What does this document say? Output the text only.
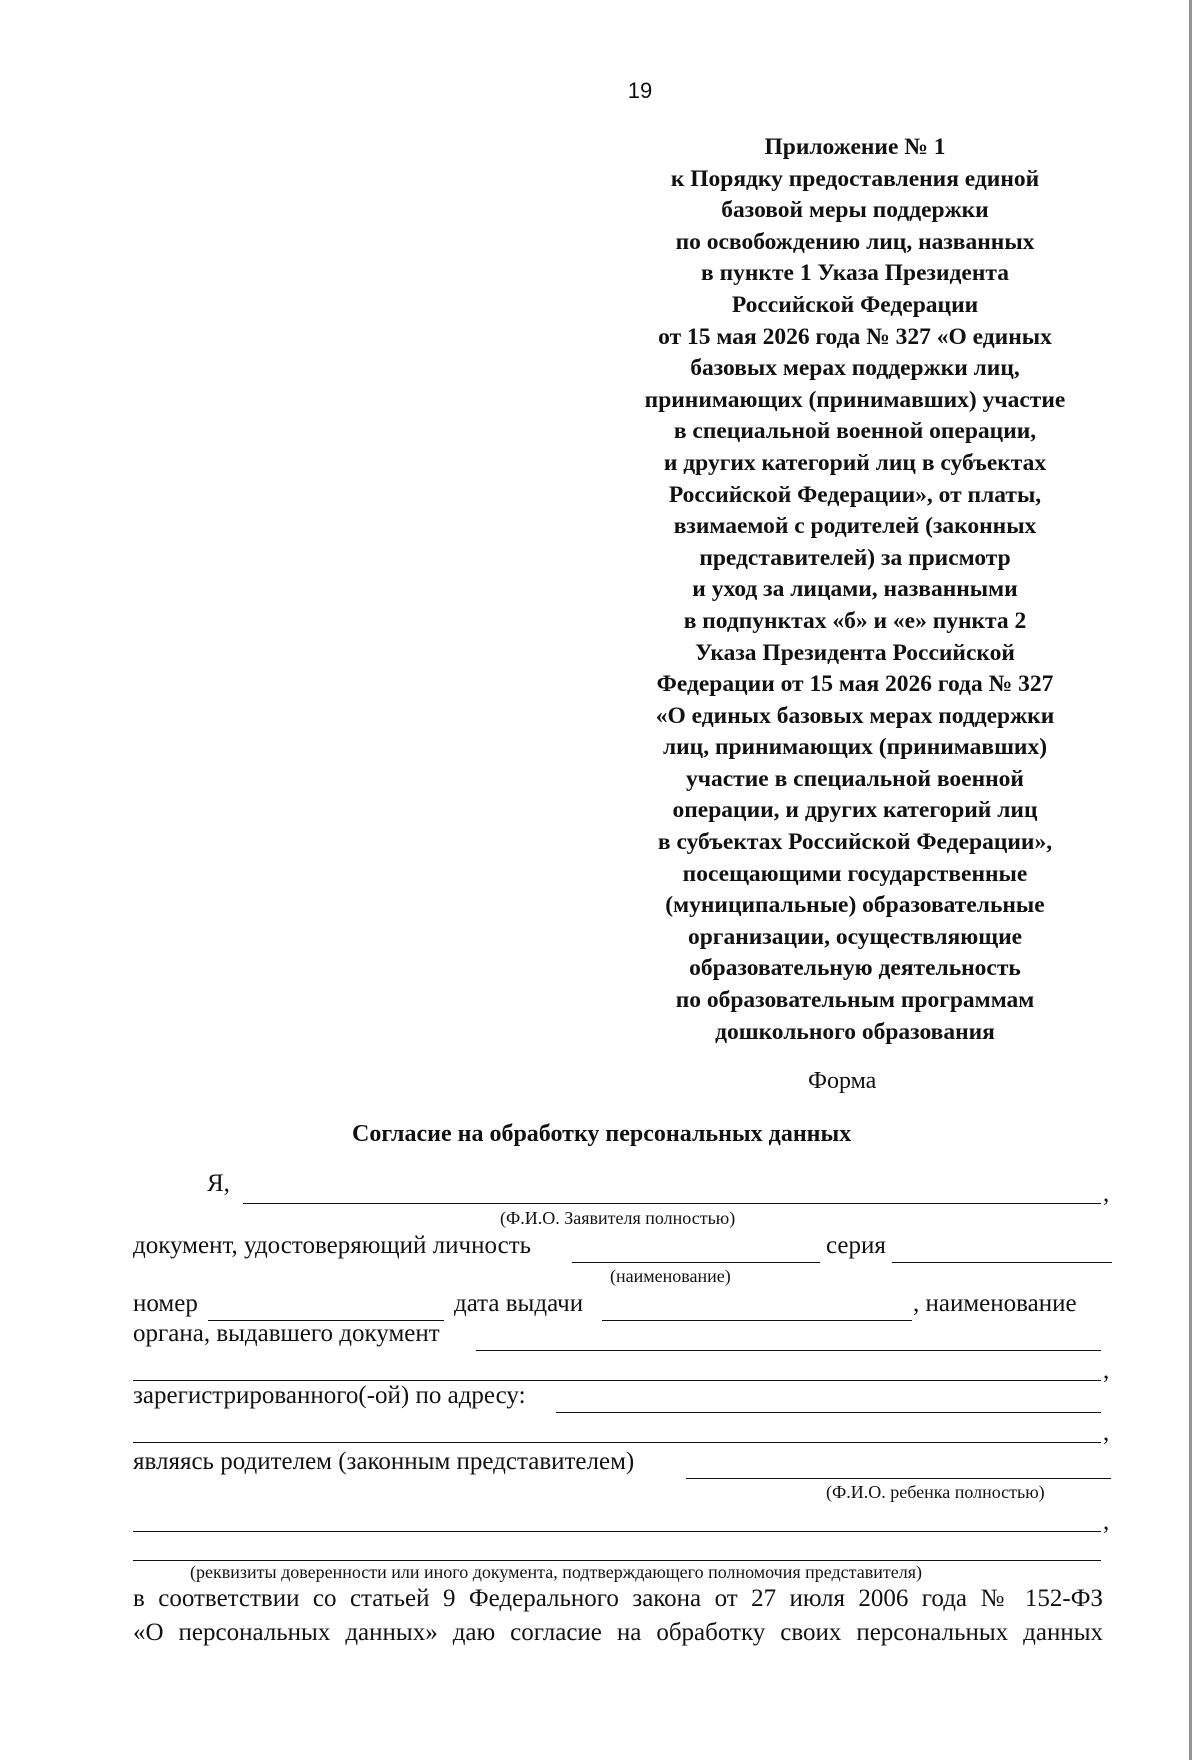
19
Приложение № 1
к Порядку предоставления единой
базовой меры поддержки
по освобождению лиц, названных
в пункте 1 Указа Президента
Российской Федерации
от 15 мая 2026 года № 327 «О единых
базовых мерах поддержки лиц,
принимающих (принимавших) участие
в специальной военной операции,
и других категорий лиц в субъектах
Российской Федерации», от платы,
взимаемой с родителей (законных
представителей) за присмотр
и уход за лицами, названными
в подпунктах «б» и «е» пункта 2
Указа Президента Российской
Федерации от 15 мая 2026 года № 327
«О единых базовых мерах поддержки
лиц, принимающих (принимавших)
участие в специальной военной
операции, и других категорий лиц
в субъектах Российской Федерации»,
посещающими государственные
(муниципальные) образовательные
организации, осуществляющие
образовательную деятельность
по образовательным программам
дошкольного образования
Форма
Согласие на обработку персональных данных
Я,	,
(Ф.И.О. Заявителя полностью)
документ, удостоверяющий личность	серия
(наименование)
номер	дата выдачи	, наименование
органа, выдавшего документ
,
зарегистрированного(-ой) по адресу:
,
являясь родителем (законным представителем)
(Ф.И.О. ребенка полностью)
,
(реквизиты доверенности или иного документа, подтверждающего полномочия представителя)
в соответствии со статьей 9 Федерального закона от 27 июля 2006 года № 152-ФЗ
«О персональных данных» даю согласие на обработку своих персональных данных
